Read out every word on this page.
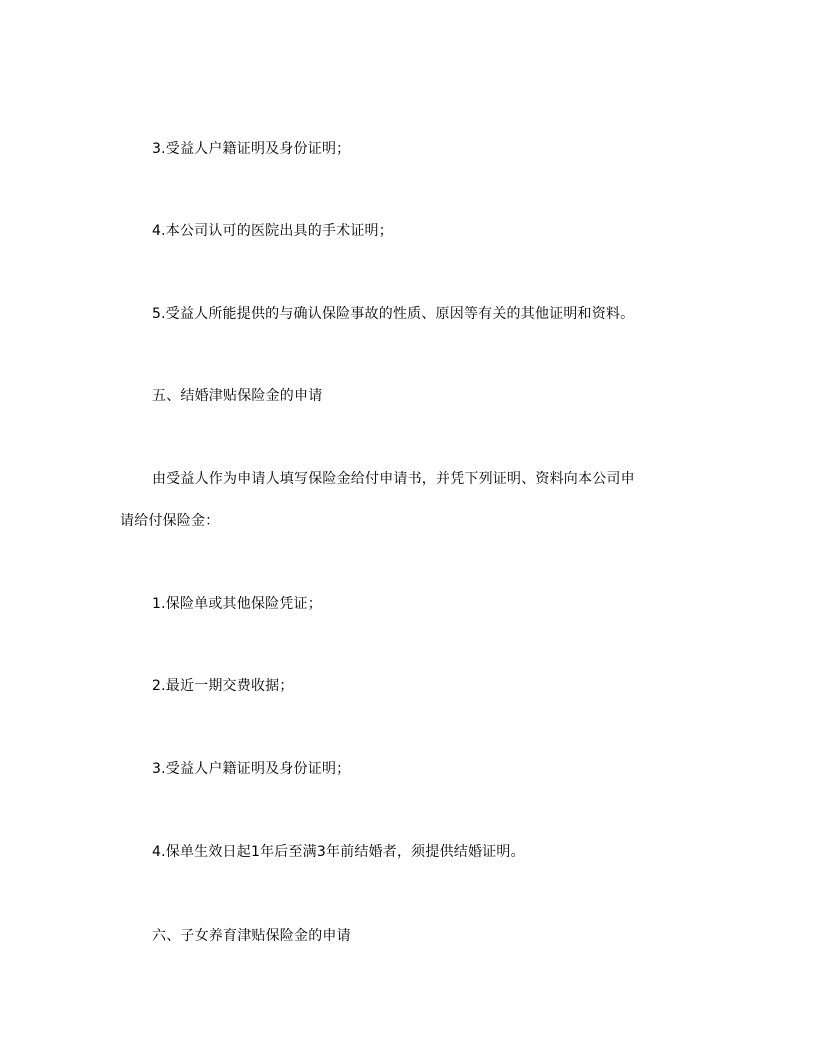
3.受益人户籍证明及身份证明；
4.本公司认可的医院出具的手术证明；
5.受益人所能提供的与确认保险事故的性质、原因等有关的其他证明和资料。
五、结婚津贴保险金的申请
由受益人作为申请人填写保险金给付申请书，并凭下列证明、资料向本公司申
请给付保险金：
1.保险单或其他保险凭证；
2.最近一期交费收据；
3.受益人户籍证明及身份证明；
4.保单生效日起1年后至满3年前结婚者，须提供结婚证明。
六、子女养育津贴保险金的申请
